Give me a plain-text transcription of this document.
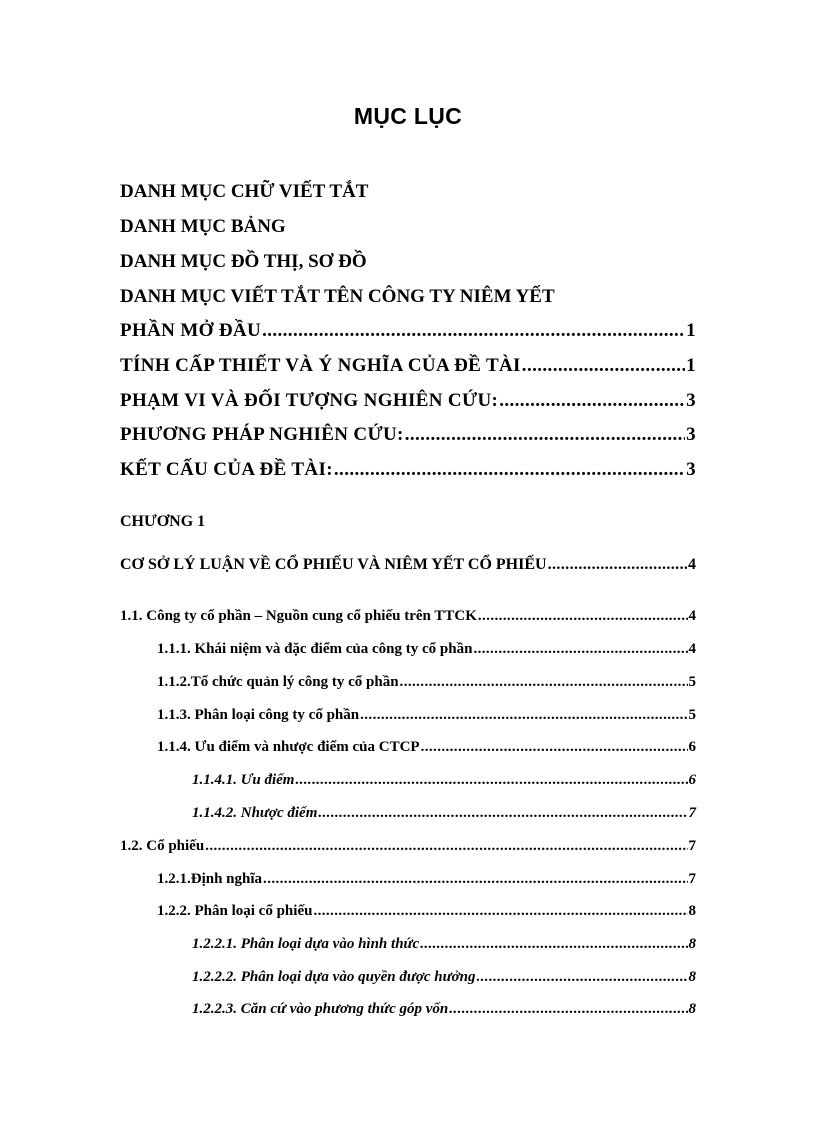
MỤC LỤC
DANH MỤC CHỮ VIẾT TẮT
DANH MỤC BẢNG
DANH MỤC ĐỒ THỊ, SƠ ĐỒ
DANH MỤC VIẾT TẮT TÊN CÔNG TY NIÊM YẾT
PHẦN MỞ ĐẦU .....	1
TÍNH CẤP THIẾT VÀ Ý NGHĨA CỦA ĐỀ TÀI .....	1
PHẠM VI VÀ ĐỐI TƯỢNG NGHIÊN CỨU: .....	3
PHƯƠNG PHÁP NGHIÊN CỨU: .....	3
KẾT CẤU CỦA ĐỀ TÀI: .....	3
CHƯƠNG 1
CƠ SỞ LÝ LUẬN VỀ CỔ PHIẾU VÀ NIÊM YẾT CỔ PHIẾU .....	4
1.1. Công ty cổ phần – Nguồn cung cổ phiếu trên TTCK .....	4
1.1.1. Khái niệm và đặc điểm của công ty cổ phần .....	4
1.1.2.Tổ chức quản lý công ty cổ phần .....	5
1.1.3. Phân loại công ty cổ phần .....	5
1.1.4. Ưu điểm và nhược điểm của CTCP .....	6
1.1.4.1. Ưu điểm .....	6
1.1.4.2. Nhược điểm .....	7
1.2. Cổ phiếu .....	7
1.2.1.Định nghĩa .....	7
1.2.2. Phân loại cổ phiếu .....	8
1.2.2.1. Phân loại dựa vào hình thức .....	8
1.2.2.2. Phân loại dựa vào quyền được hưởng .....	8
1.2.2.3. Căn cứ vào phương thức góp vốn .....	8
